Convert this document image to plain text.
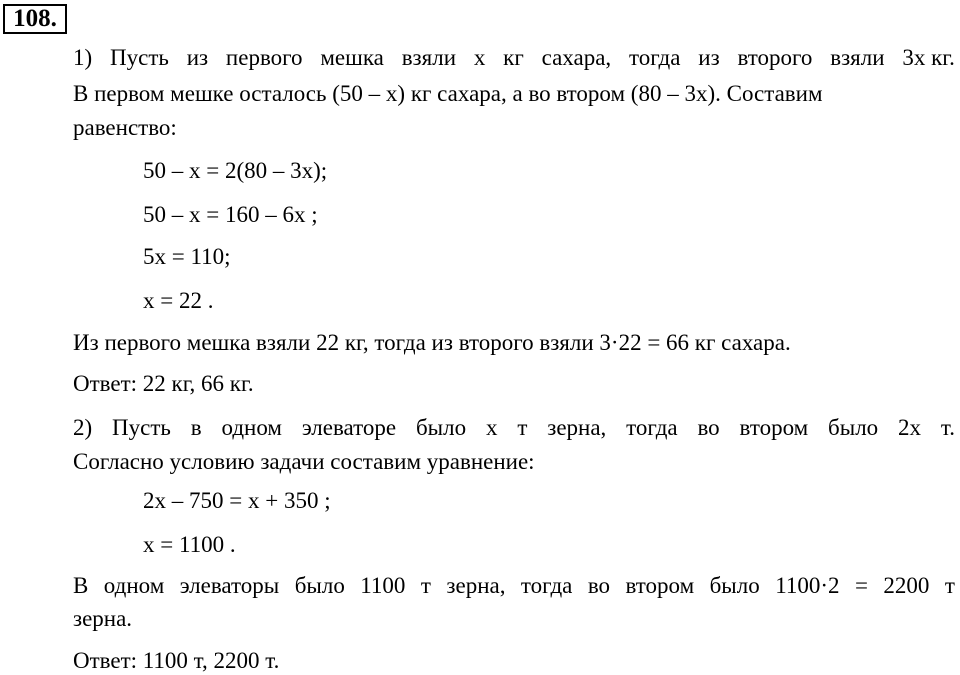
108.
1) Пусть из первого мешка взяли x кг сахара, тогда из второго взяли 3x кг.
В первом мешке осталось (50 – x) кг сахара, а во втором (80 – 3x). Составим
равенство:
50 – x = 2(80 – 3x);
50 – x = 160 – 6x ;
5x = 110;
x = 22 .
Из первого мешка взяли 22 кг, тогда из второго взяли 3·22 = 66 кг сахара.
Ответ: 22 кг, 66 кг.
2) Пусть в одном элеваторе было x т зерна, тогда во втором было 2x т.
Согласно условию задачи составим уравнение:
2x – 750 = x + 350 ;
x = 1100 .
В одном элеваторы было 1100 т зерна, тогда во втором было 1100·2 = 2200 т
зерна.
Ответ: 1100 т, 2200 т.
